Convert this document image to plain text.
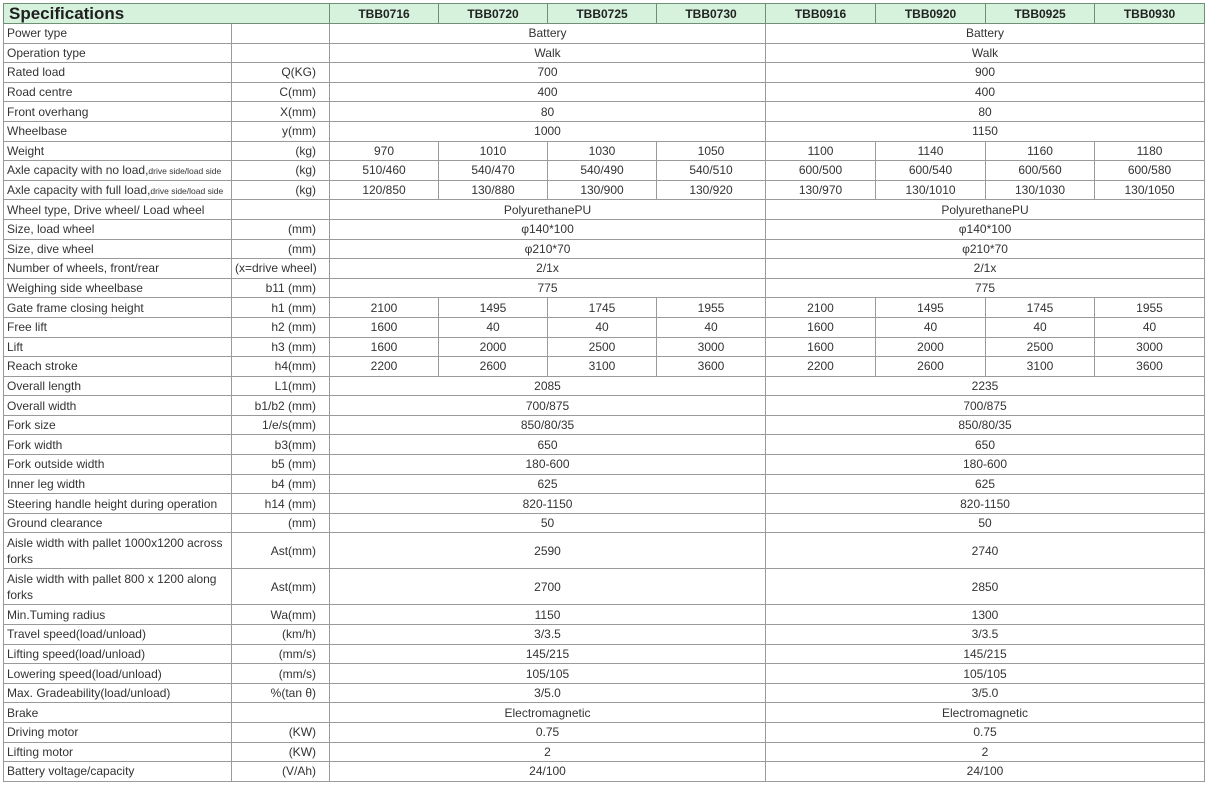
Specifications		TBB0716	TBB0720	TBB0725	TBB0730	TBB0916	TBB0920	TBB0925	TBB0930
Power type		Battery				Battery			
Operation type		Walk				Walk			
Rated load	Q(KG)	700				900			
Road centre	C(mm)	400				400			
Front overhang	X(mm)	80				80			
Wheelbase	y(mm)	1000				1150			
Weight	(kg)	970	1010	1030	1050	1100	1140	1160	1180
Axle capacity with no load,drive side/load side	(kg)	510/460	540/470	540/490	540/510	600/500	600/540	600/560	600/580
Axle capacity with full load,drive side/load side	(kg)	120/850	130/880	130/900	130/920	130/970	130/1010	130/1030	130/1050
Wheel type, Drive wheel/ Load wheel		PolyurethanePU				PolyurethanePU			
Size, load wheel	(mm)	φ140*100				φ140*100			
Size, dive wheel	(mm)	φ210*70				φ210*70			
Number of wheels, front/rear	(x=drive wheel)	2/1x				2/1x			
Weighing side wheelbase	b11 (mm)	775				775			
Gate frame closing height	h1 (mm)	2100	1495	1745	1955	2100	1495	1745	1955
Free lift	h2 (mm)	1600	40	40	40	1600	40	40	40
Lift	h3 (mm)	1600	2000	2500	3000	1600	2000	2500	3000
Reach stroke	h4(mm)	2200	2600	3100	3600	2200	2600	3100	3600
Overall length	L1(mm)	2085				2235			
Overall width	b1/b2 (mm)	700/875				700/875			
Fork size	1/e/s(mm)	850/80/35				850/80/35			
Fork width	b3(mm)	650				650			
Fork outside width	b5 (mm)	180-600				180-600			
Inner leg width	b4 (mm)	625				625			
Steering handle height during operation	h14 (mm)	820-1150				820-1150			
Ground clearance	(mm)	50				50			
Aisle width with pallet 1000x1200 across forks	Ast(mm)	2590				2740			
Aisle width with pallet 800 x 1200 along forks	Ast(mm)	2700				2850			
Min.Tuming radius	Wa(mm)	1150				1300			
Travel speed(load/unload)	(km/h)	3/3.5				3/3.5			
Lifting speed(load/unload)	(mm/s)	145/215				145/215			
Lowering speed(load/unload)	(mm/s)	105/105				105/105			
Max. Gradeability(load/unload)	%(tan θ)	3/5.0				3/5.0			
Brake		Electromagnetic				Electromagnetic			
Driving motor	(KW)	0.75				0.75			
Lifting motor	(KW)	2				2			
Battery voltage/capacity	(V/Ah)	24/100				24/100			
